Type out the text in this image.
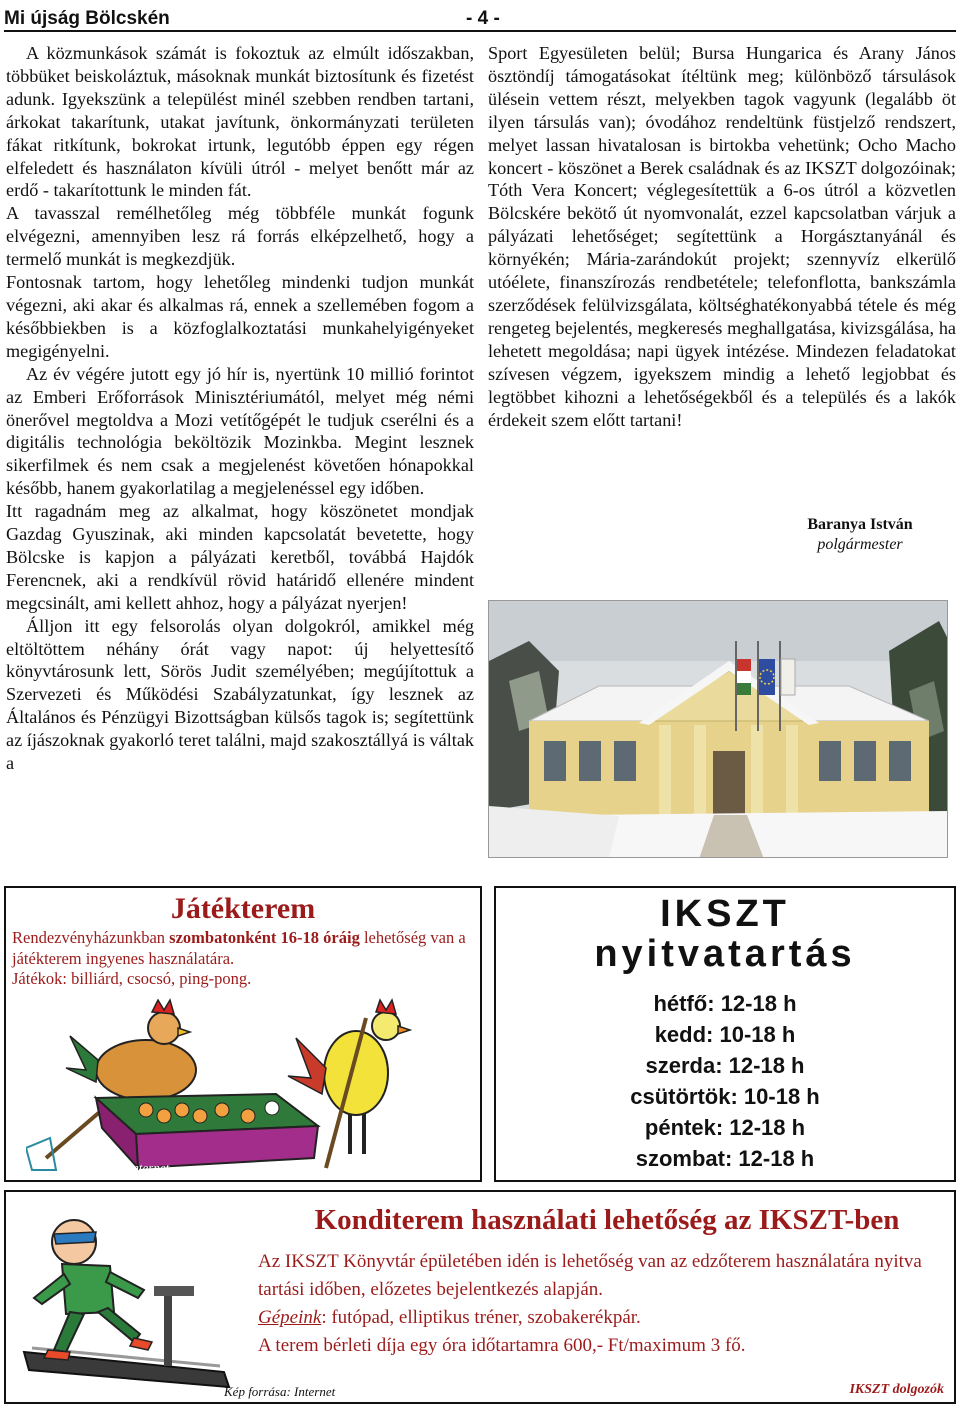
Mi újság Bölcskén	- 4 -

A közmunkások számát is fokoztuk az elmúlt időszakban, többüket beiskoláztuk, másoknak munkát biztosítunk és fizetést adunk. Igyekszünk a települést minél szebben rendben tartani, árkokat takarítunk, utakat javítunk, önkormányzati területen fákat ritkítunk, bokrokat irtunk, legutóbb éppen egy régen elfeledett és használaton kívüli útról - melyet benőtt már az erdő - takarítottunk le minden fát.

A tavasszal remélhetőleg még többféle munkát fogunk elvégezni, amennyiben lesz rá forrás elképzelhető, hogy a termelő munkát is megkezdjük.

Fontosnak tartom, hogy lehetőleg mindenki tudjon munkát végezni, aki akar és alkalmas rá, ennek a szellemében fogom a későbbiekben is a közfoglalkoztatási munkahelyigényeket megigényelni.

Az év végére jutott egy jó hír is, nyertünk 10 millió forintot az Emberi Erőforrások Minisztériumától, melyet még némi önerővel megtoldva a Mozi vetítőgépét le tudjuk cserélni és a digitális technológia beköltözik Mozinkba. Megint lesznek sikerfilmek és nem csak a megjelenést követően hónapokkal később, hanem gyakorlatilag a megjelenéssel egy időben.

Itt ragadnám meg az alkalmat, hogy köszönetet mondjak Gazdag Gyuszinak, aki minden kapcsolatát bevetette, hogy Bölcske is kapjon a pályázati keretből, továbbá Hajdók Ferencnek, aki a rendkívül rövid határidő ellenére mindent megcsinált, ami kellett ahhoz, hogy a pályázat nyerjen!

Álljon itt egy felsorolás olyan dolgokról, amikkel még eltöltöttem néhány órát vagy napot: új helyettesítő könyvtárosunk lett, Sörös Judit személyében; megújítottuk a Szervezeti és Működési Szabályzatunkat, így lesznek az Általános és Pénzügyi Bizottságban külsős tagok is; segítettünk az íjászoknak gyakorló teret találni, majd szakosztállyá is váltak a

Sport Egyesületen belül; Bursa Hungarica és Arany János ösztöndíj támogatásokat ítéltünk meg; különböző társulások ülésein vettem részt, melyekben tagok vagyunk (legalább öt ilyen társulás van); óvodához rendeltünk füstjelző rendszert, melyet lassan hivatalosan is birtokba vehetünk; Ocho Macho koncert - köszönet a Berek családnak és az IKSZT dolgozóinak; Tóth Vera Koncert; véglegesítettük a 6-os útról a közvetlen Bölcskére bekötő út nyomvonalát, ezzel kapcsolatban várjuk a pályázati lehetőséget; segítettünk a Horgásztanyánál és környékén; Mária-zarándokút projekt; szennyvíz elkerülő utóélete, finanszírozás rendbetétele; telefonflotta, bankszámla szerződések felülvizsgálata, költséghatékonyabbá tétele és még rengeteg bejelentés, megkeresés meghallgatása, kivizsgálása, ha lehetett megoldása; napi ügyek intézése. Mindezen feladatokat szívesen végzem, igyekszem mindig a lehető legjobbat és legtöbbet kihozni a lehetőségekből és a település és a lakók érdekeit szem előtt tartani!

Baranya István
polgármester
Játékterem
Rendezvényházunkban szombatonként 16-18 óráig lehetőség van a játékterem ingyenes használatára.
Játékok: billiárd, csocsó, ping-pong.
Kép forrása: Internet
IKSZT
nyitvatartás
hétfő: 12-18 h
kedd: 10-18 h
szerda: 12-18 h
csütörtök: 10-18 h
péntek: 12-18 h
szombat: 12-18 h
Konditerem használati lehetőség az IKSZT-ben
Az IKSZT Könyvtár épületében idén is lehetőség van az edzőterem használatára nyitva tartási időben, előzetes bejelentkezés alapján.
Gépeink: futópad, elliptikus tréner, szobakerékpár.
A terem bérleti díja egy óra időtartamra 600,- Ft/maximum 3 fő.
Kép forrása: Internet	IKSZT dolgozók
